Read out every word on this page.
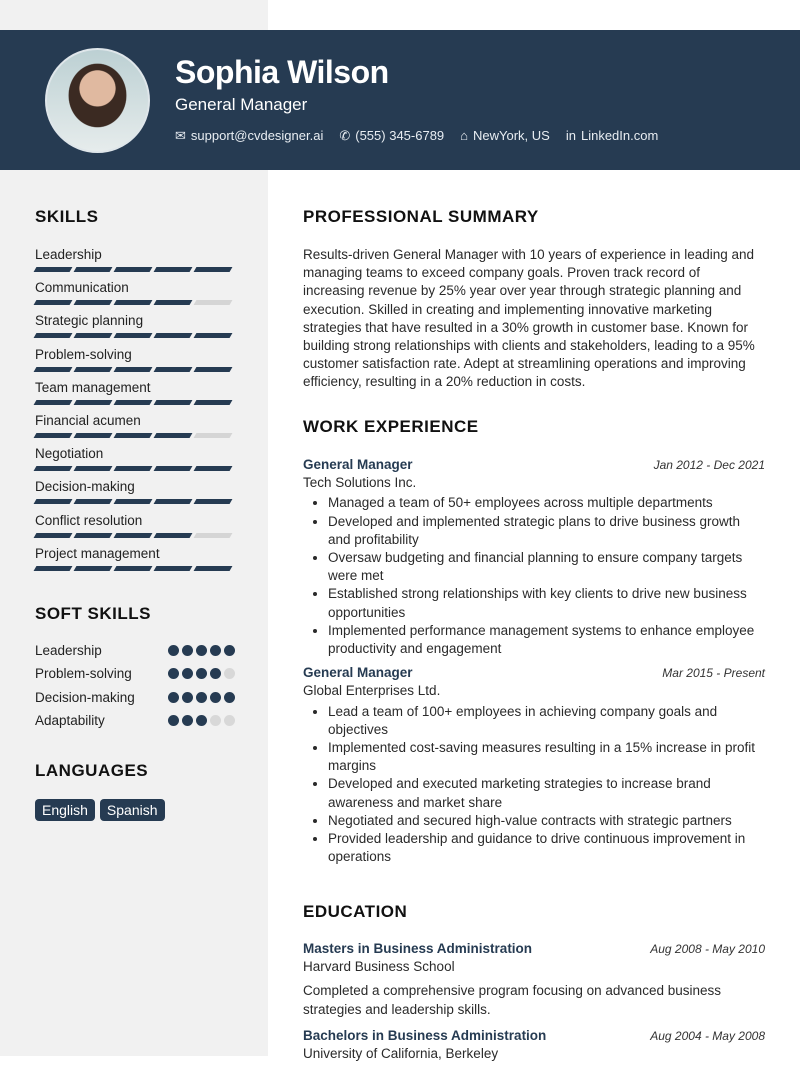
Sophia Wilson
General Manager
✉ support@cvdesigner.ai ✆ (555) 345-6789 ⌂ NewYork, US in LinkedIn.com
SKILLS
Leadership
Communication
Strategic planning
Problem-solving
Team management
Financial acumen
Negotiation
Decision-making
Conflict resolution
Project management
SOFT SKILLS
Leadership
Problem-solving
Decision-making
Adaptability
LANGUAGES
English	Spanish
PROFESSIONAL SUMMARY
Results-driven General Manager with 10 years of experience in leading and managing teams to exceed company goals. Proven track record of increasing revenue by 25% year over year through strategic planning and execution. Skilled in creating and implementing innovative marketing strategies that have resulted in a 30% growth in customer base. Known for building strong relationships with clients and stakeholders, leading to a 95% customer satisfaction rate. Adept at streamlining operations and improving efficiency, resulting in a 20% reduction in costs.
WORK EXPERIENCE
General Manager	Jan 2012 - Dec 2021
Tech Solutions Inc.
• Managed a team of 50+ employees across multiple departments
• Developed and implemented strategic plans to drive business growth and profitability
• Oversaw budgeting and financial planning to ensure company targets were met
• Established strong relationships with key clients to drive new business opportunities
• Implemented performance management systems to enhance employee productivity and engagement
General Manager	Mar 2015 - Present
Global Enterprises Ltd.
• Lead a team of 100+ employees in achieving company goals and objectives
• Implemented cost-saving measures resulting in a 15% increase in profit margins
• Developed and executed marketing strategies to increase brand awareness and market share
• Negotiated and secured high-value contracts with strategic partners
• Provided leadership and guidance to drive continuous improvement in operations
EDUCATION
Masters in Business Administration	Aug 2008 - May 2010
Harvard Business School
Completed a comprehensive program focusing on advanced business strategies and leadership skills.
Bachelors in Business Administration	Aug 2004 - May 2008
University of California, Berkeley
